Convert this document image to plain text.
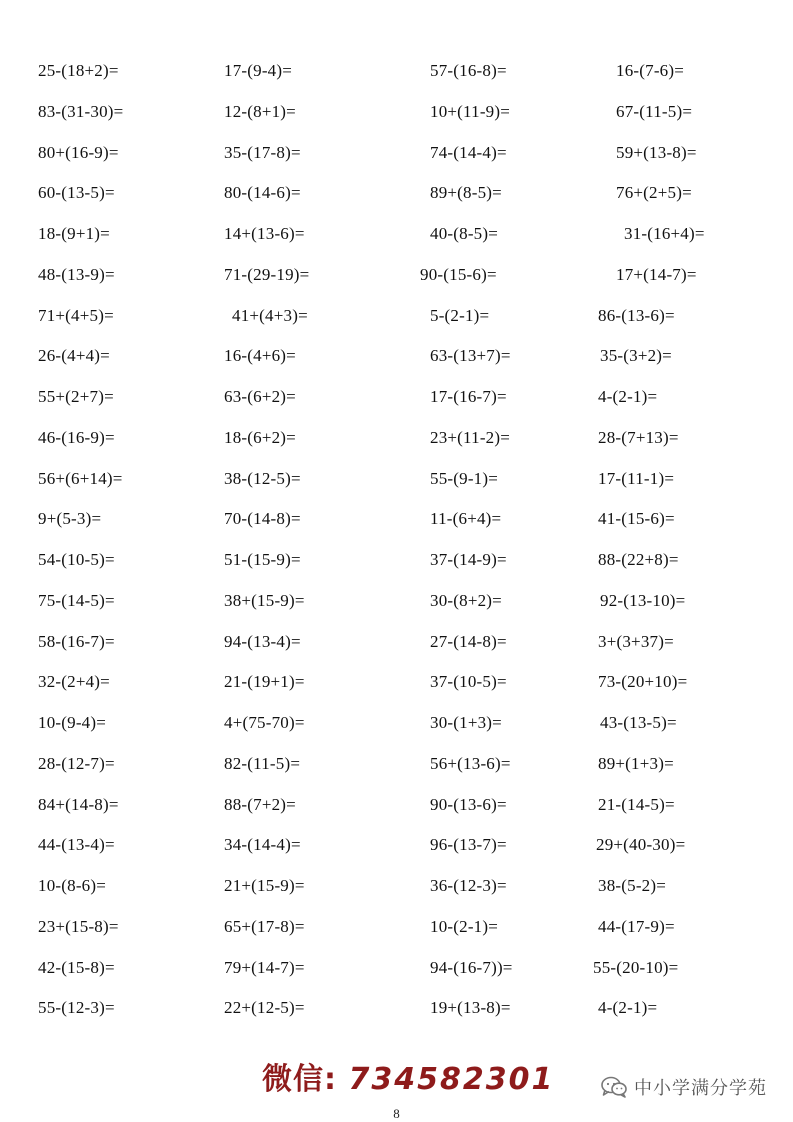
25-(18+2)=	17-(9-4)=	57-(16-8)=	16-(7-6)=
83-(31-30)=	12-(8+1)=	10+(11-9)=	67-(11-5)=
80+(16-9)=	35-(17-8)=	74-(14-4)=	59+(13-8)=
60-(13-5)=	80-(14-6)=	89+(8-5)=	76+(2+5)=
18-(9+1)=	14+(13-6)=	40-(8-5)=	31-(16+4)=
48-(13-9)=	71-(29-19)=	90-(15-6)=	17+(14-7)=
71+(4+5)=	41+(4+3)=	5-(2-1)=	86-(13-6)=
26-(4+4)=	16-(4+6)=	63-(13+7)=	35-(3+2)=
55+(2+7)=	63-(6+2)=	17-(16-7)=	4-(2-1)=
46-(16-9)=	18-(6+2)=	23+(11-2)=	28-(7+13)=
56+(6+14)=	38-(12-5)=	55-(9-1)=	17-(11-1)=
9+(5-3)=	70-(14-8)=	11-(6+4)=	41-(15-6)=
54-(10-5)=	51-(15-9)=	37-(14-9)=	88-(22+8)=
75-(14-5)=	38+(15-9)=	30-(8+2)=	92-(13-10)=
58-(16-7)=	94-(13-4)=	27-(14-8)=	3+(3+37)=
32-(2+4)=	21-(19+1)=	37-(10-5)=	73-(20+10)=
10-(9-4)=	4+(75-70)=	30-(1+3)=	43-(13-5)=
28-(12-7)=	82-(11-5)=	56+(13-6)=	89+(1+3)=
84+(14-8)=	88-(7+2)=	90-(13-6)=	21-(14-5)=
44-(13-4)=	34-(14-4)=	96-(13-7)=	29+(40-30)=
10-(8-6)=	21+(15-9)=	36-(12-3)=	38-(5-2)=
23+(15-8)=	65+(17-8)=	10-(2-1)=	44-(17-9)=
42-(15-8)=	79+(14-7)=	94-(16-7))=	55-(20-10)=
55-(12-3)=	22+(12-5)=	19+(13-8)=	4-(2-1)=
微信: 734582301	中小学满分学苑
8
